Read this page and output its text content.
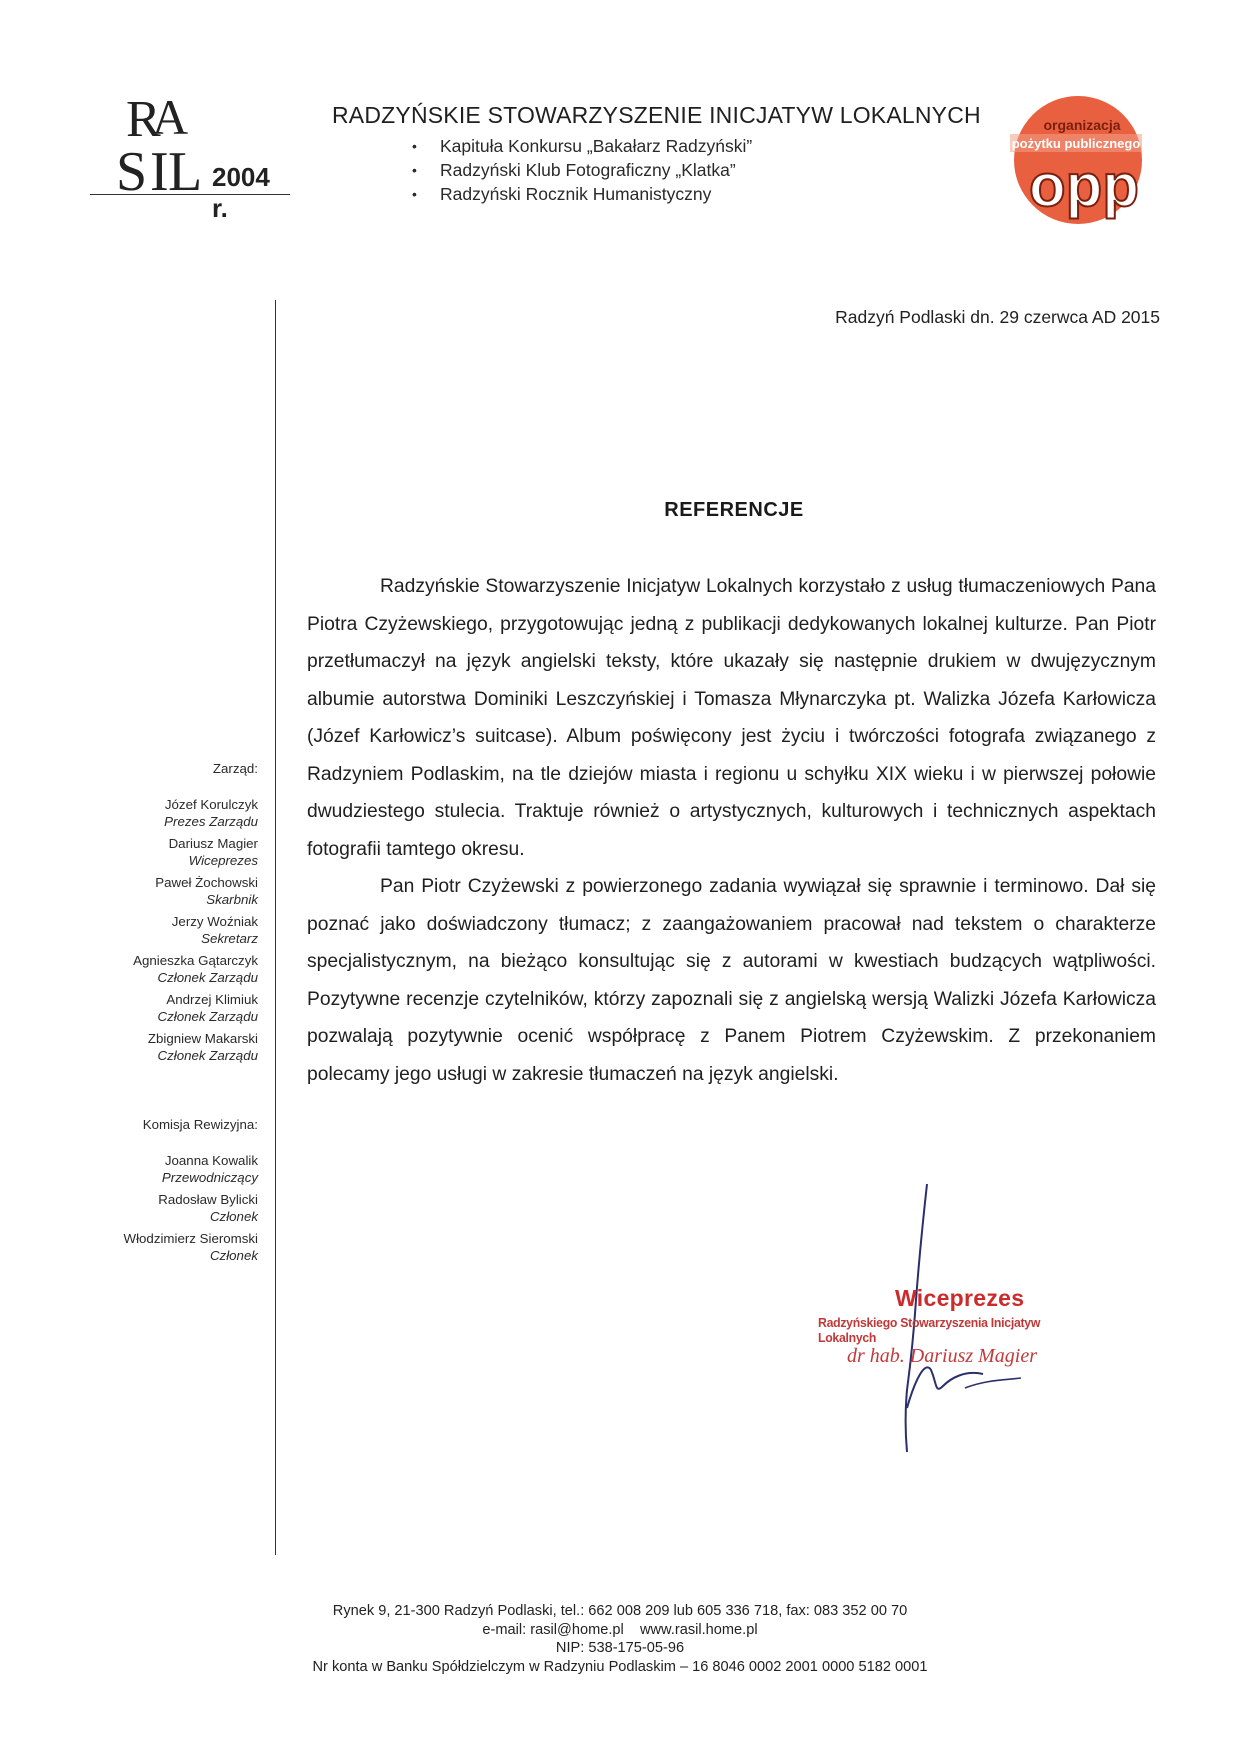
R
A
S I L 2004 r.
RADZYŃSKIE STOWARZYSZENIE INICJATYW LOKALNYCH
• Kapituła Konkursu „Bakałarz Radzyński”
• Radzyński Klub Fotograficzny „Klatka”
• Radzyński Rocznik Humanistyczny
organizacja
pożytku publicznego
opp
Radzyń Podlaski dn. 29 czerwca AD 2015
REFERENCJE

Radzyńskie Stowarzyszenie Inicjatyw Lokalnych korzystało z usług tłumaczeniowych Pana Piotra Czyżewskiego, przygotowując jedną z publikacji dedykowanych lokalnej kulturze. Pan Piotr przetłumaczył na język angielski teksty, które ukazały się następnie drukiem w dwujęzycznym albumie autorstwa Dominiki Leszczyńskiej i Tomasza Młynarczyka pt. Walizka Józefa Karłowicza (Józef Karłowicz’s suitcase). Album poświęcony jest życiu i twórczości fotografa związanego z Radzyniem Podlaskim, na tle dziejów miasta i regionu u schyłku XIX wieku i w pierwszej połowie dwudziestego stulecia. Traktuje również o artystycznych, kulturowych i technicznych aspektach fotografii tamtego okresu.

Pan Piotr Czyżewski z powierzonego zadania wywiązał się sprawnie i terminowo. Dał się poznać jako doświadczony tłumacz; z zaangażowaniem pracował nad tekstem o charakterze specjalistycznym, na bieżąco konsultując się z autorami w kwestiach budzących wątpliwości. Pozytywne recenzje czytelników, którzy zapoznali się z angielską wersją Walizki Józefa Karłowicza pozwalają pozytywnie ocenić współpracę z Panem Piotrem Czyżewskim. Z przekonaniem polecamy jego usługi w zakresie tłumaczeń na język angielski.

Zarząd:
Józef Korulczyk
Prezes Zarządu
Dariusz Magier
Wiceprezes
Paweł Żochowski
Skarbnik
Jerzy Woźniak
Sekretarz
Agnieszka Gątarczyk
Członek Zarządu
Andrzej Klimiuk
Członek Zarządu
Zbigniew Makarski
Członek Zarządu
Komisja Rewizyjna:
Joanna Kowalik
Przewodniczący
Radosław Bylicki
Członek
Włodzimierz Sieromski
Członek
Wiceprezes
Radzyńskiego Stowarzyszenia Inicjatyw Lokalnych
dr hab. Dariusz Magier
Rynek 9, 21-300 Radzyń Podlaski, tel.: 662 008 209 lub 605 336 718, fax: 083 352 00 70
e-mail: rasil@home.pl    www.rasil.home.pl
NIP: 538-175-05-96
Nr konta w Banku Spółdzielczym w Radzyniu Podlaskim – 16 8046 0002 2001 0000 5182 0001
